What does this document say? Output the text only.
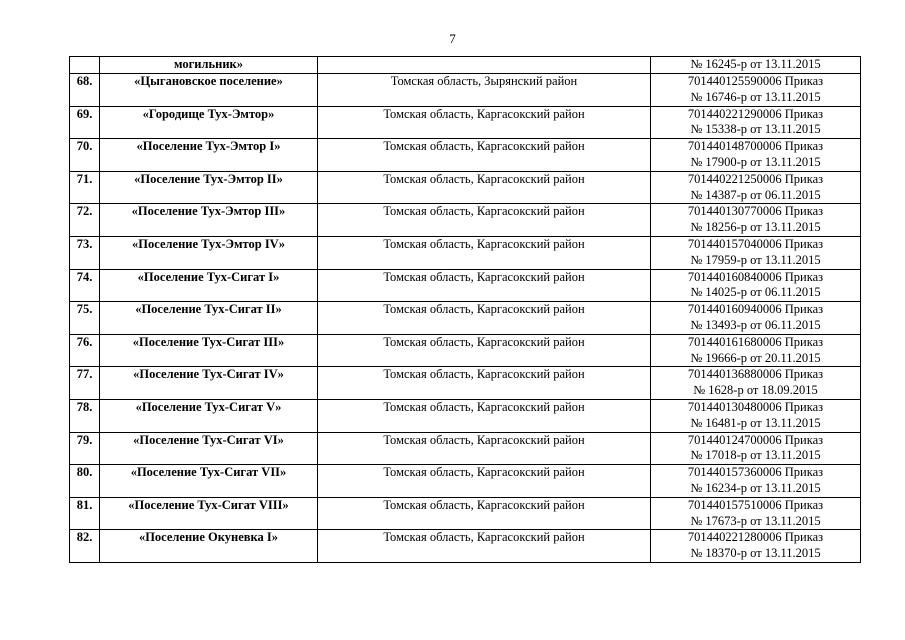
7
	могильник»		№ 16245-р от 13.11.2015
68.	«Цыгановское поселение»	Томская область, Зырянский район	701440125590006 Приказ
№ 16746-р от 13.11.2015

69.	«Городище Тух-Эмтор»	Томская область, Каргасокский район	701440221290006 Приказ
№ 15338-р от 13.11.2015

70.	«Поселение Тух-Эмтор I»	Томская область, Каргасокский район	701440148700006 Приказ
№ 17900-р от 13.11.2015

71.	«Поселение Тух-Эмтор II»	Томская область, Каргасокский район	701440221250006 Приказ
№ 14387-р от 06.11.2015

72.	«Поселение Тух-Эмтор III»	Томская область, Каргасокский район	701440130770006 Приказ
№ 18256-р от 13.11.2015

73.	«Поселение Тух-Эмтор IV»	Томская область, Каргасокский район	701440157040006 Приказ
№ 17959-р от 13.11.2015

74.	«Поселение Тух-Сигат I»	Томская область, Каргасокский район	701440160840006 Приказ
№ 14025-р от 06.11.2015

75.	«Поселение Тух-Сигат II»	Томская область, Каргасокский район	701440160940006 Приказ
№ 13493-р от 06.11.2015

76.	«Поселение Тух-Сигат III»	Томская область, Каргасокский район	701440161680006 Приказ
№ 19666-р от 20.11.2015

77.	«Поселение Тух-Сигат IV»	Томская область, Каргасокский район	701440136880006 Приказ
№ 1628-р от 18.09.2015

78.	«Поселение Тух-Сигат V»	Томская область, Каргасокский район	701440130480006 Приказ
№ 16481-р от 13.11.2015

79.	«Поселение Тух-Сигат VI»	Томская область, Каргасокский район	701440124700006 Приказ
№ 17018-р от 13.11.2015

80.	«Поселение Тух-Сигат VII»	Томская область, Каргасокский район	701440157360006 Приказ
№ 16234-р от 13.11.2015

81.	«Поселение Тух-Сигат VIII»	Томская область, Каргасокский район	701440157510006 Приказ
№ 17673-р от 13.11.2015

82.	«Поселение Окуневка I»	Томская область, Каргасокский район	701440221280006 Приказ
№ 18370-р от 13.11.2015
